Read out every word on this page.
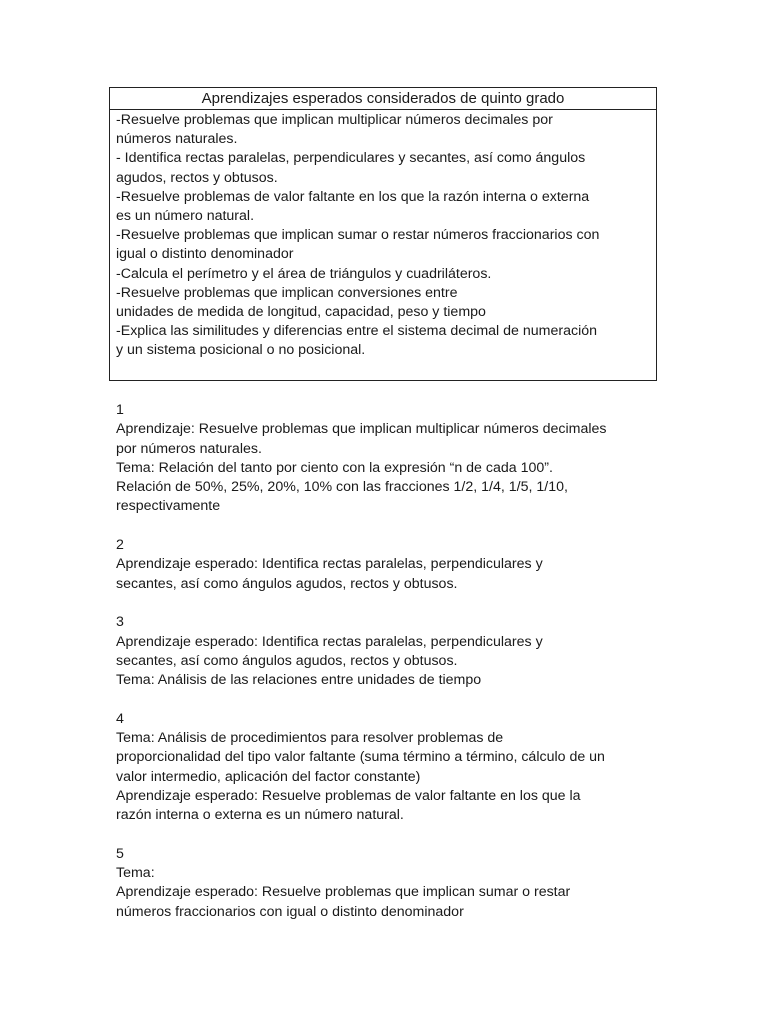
Aprendizajes esperados considerados de quinto grado
-Resuelve problemas que implican multiplicar números decimales por
números naturales.
- Identifica rectas paralelas, perpendiculares y secantes, así como ángulos
agudos, rectos y obtusos.
-Resuelve problemas de valor faltante en los que la razón interna o externa
es un número natural.
-Resuelve problemas que implican sumar o restar números fraccionarios con
igual o distinto denominador
-Calcula el perímetro y el área de triángulos y cuadriláteros.
-Resuelve problemas que implican conversiones entre
unidades de medida de longitud, capacidad, peso y tiempo
-Explica las similitudes y diferencias entre el sistema decimal de numeración
y un sistema posicional o no posicional.
1
Aprendizaje: Resuelve problemas que implican multiplicar números decimales
por números naturales.
Tema: Relación del tanto por ciento con la expresión “n de cada 100”.
Relación de 50%, 25%, 20%, 10% con las fracciones 1/2, 1/4, 1/5, 1/10,
respectivamente
2
Aprendizaje esperado: Identifica rectas paralelas, perpendiculares y
secantes, así como ángulos agudos, rectos y obtusos.
3
Aprendizaje esperado: Identifica rectas paralelas, perpendiculares y
secantes, así como ángulos agudos, rectos y obtusos.
Tema: Análisis de las relaciones entre unidades de tiempo
4
Tema: Análisis de procedimientos para resolver problemas de
proporcionalidad del tipo valor faltante (suma término a término, cálculo de un
valor intermedio, aplicación del factor constante)
Aprendizaje esperado: Resuelve problemas de valor faltante en los que la
razón interna o externa es un número natural.
5
Tema:
Aprendizaje esperado: Resuelve problemas que implican sumar o restar
números fraccionarios con igual o distinto denominador
